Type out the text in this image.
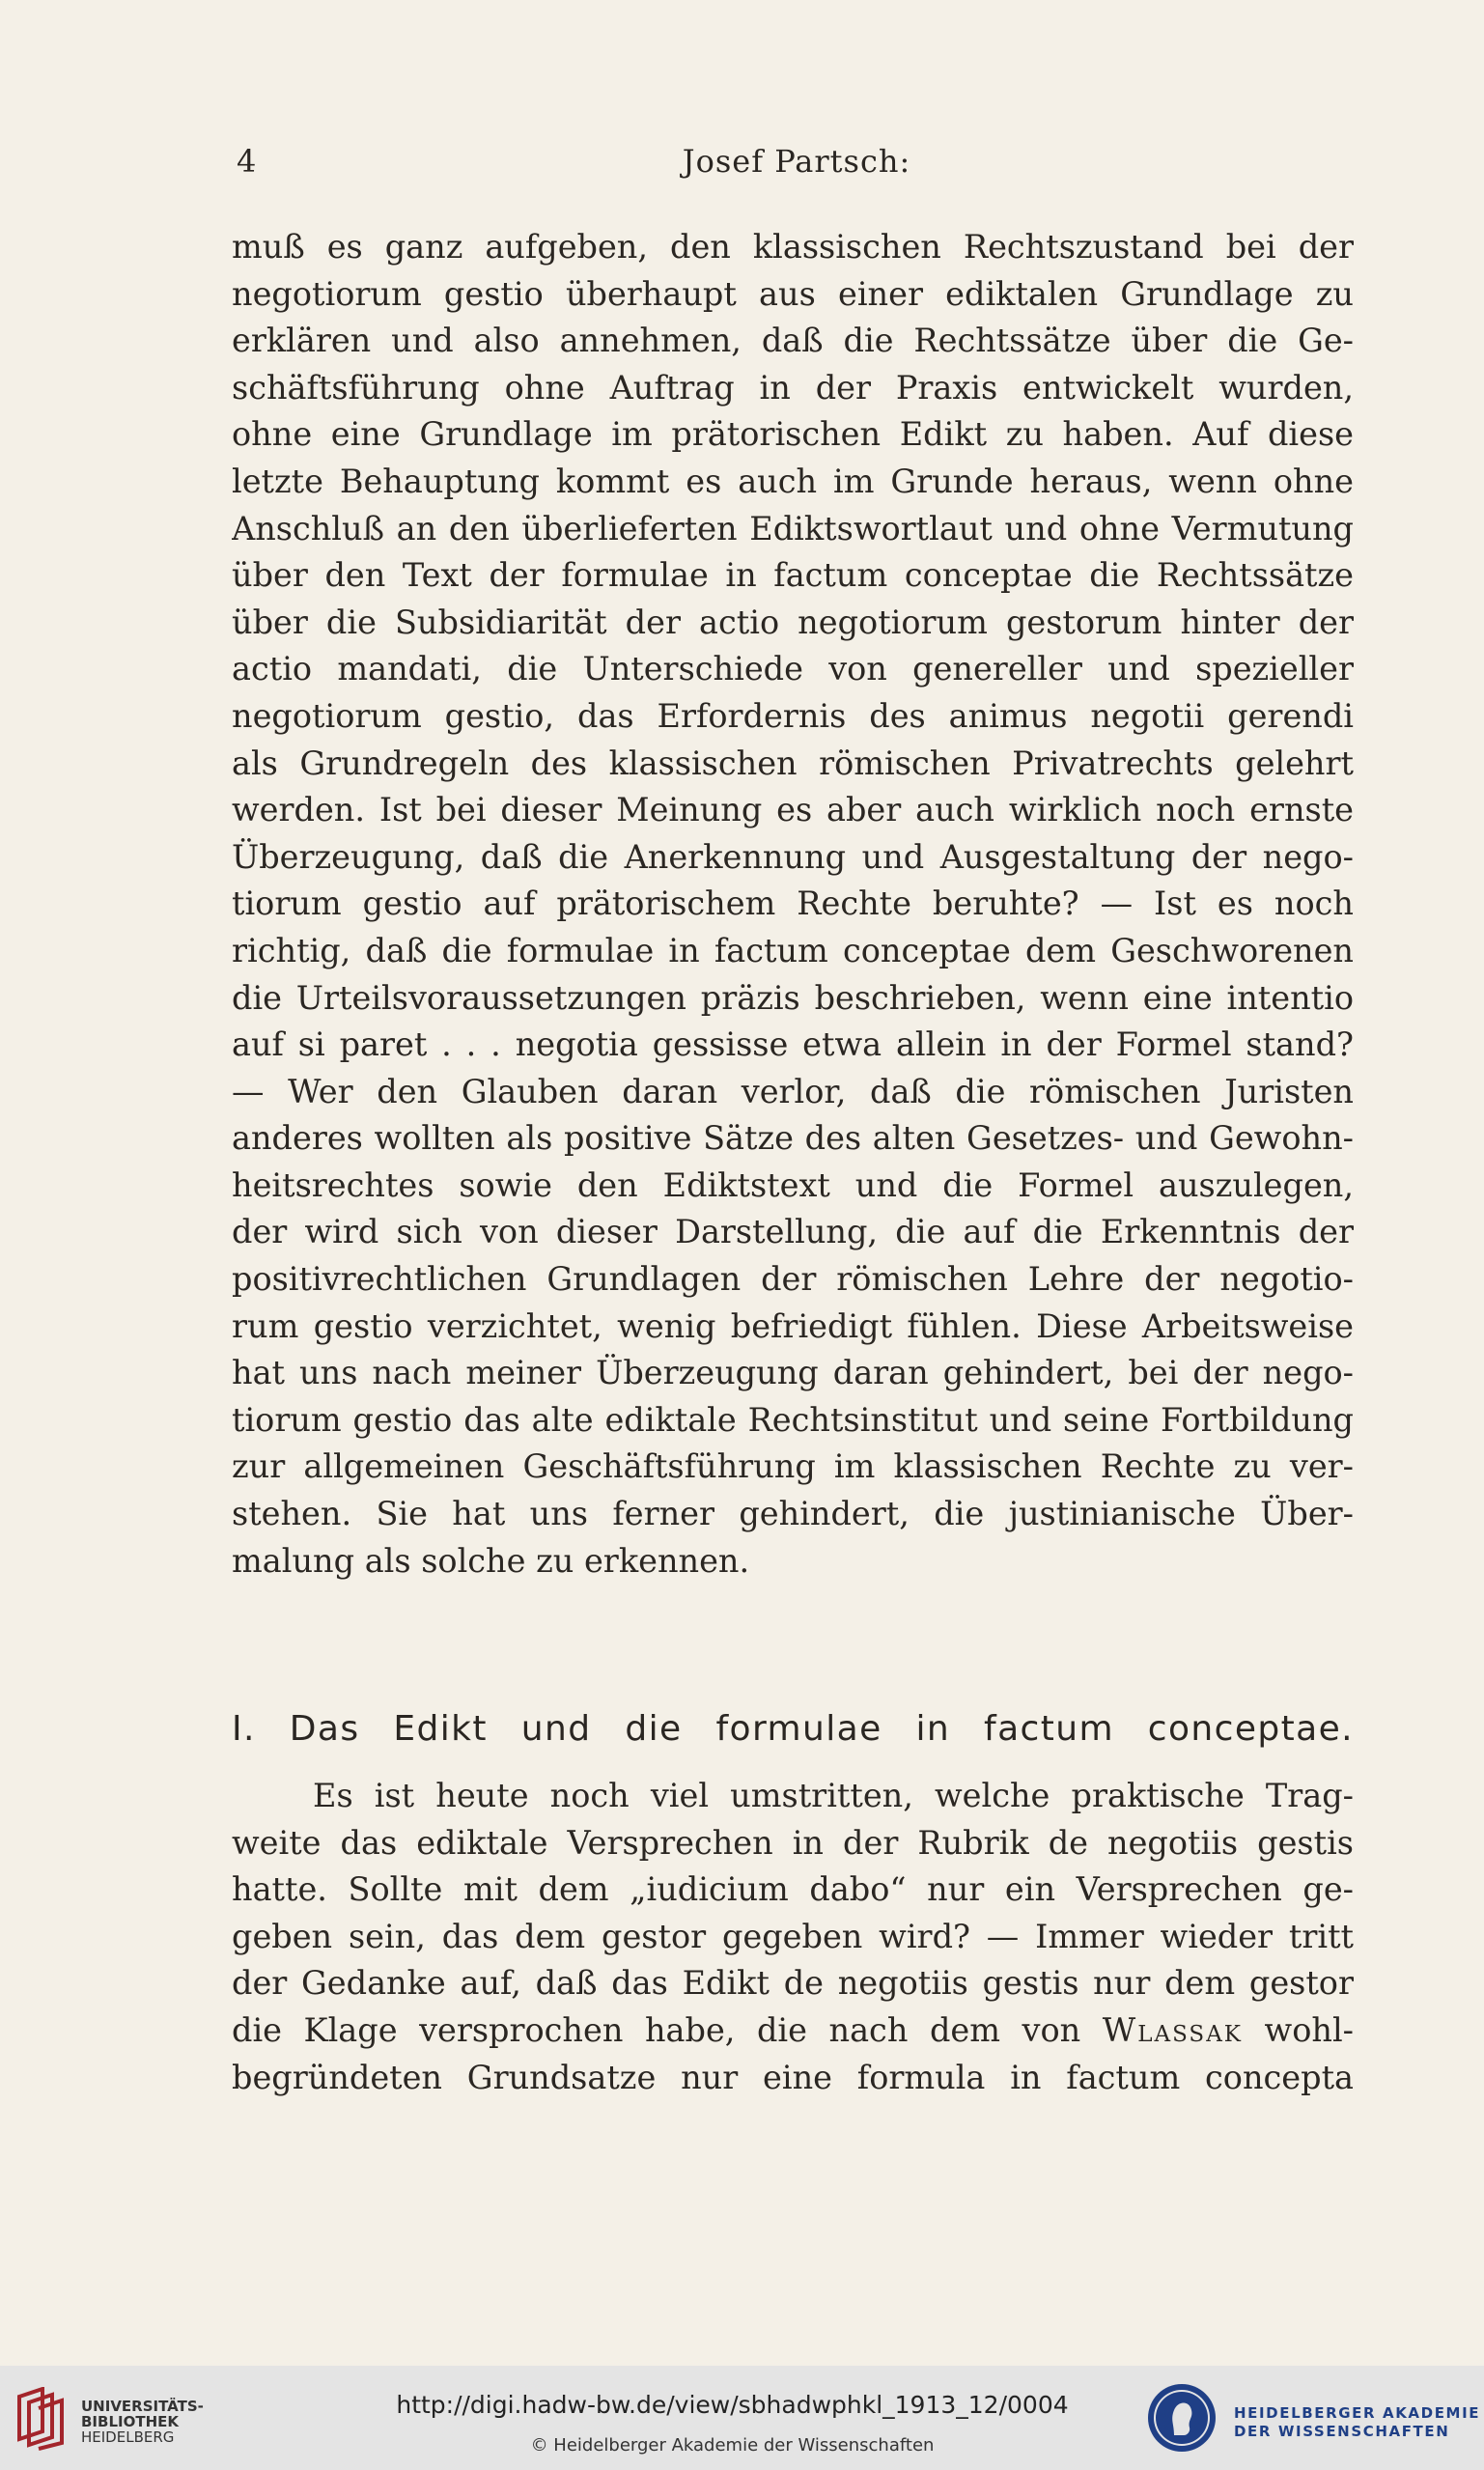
4	Josef Partsch:
muß es ganz aufgeben, den klassischen Rechtszustand bei der
negotiorum gestio überhaupt aus einer ediktalen Grundlage zu
erklären und also annehmen, daß die Rechtssätze über die Ge-
schäftsführung ohne Auftrag in der Praxis entwickelt wurden,
ohne eine Grundlage im prätorischen Edikt zu haben. Auf diese
letzte Behauptung kommt es auch im Grunde heraus, wenn ohne
Anschluß an den überlieferten Ediktswortlaut und ohne Vermutung
über den Text der formulae in factum conceptae die Rechtssätze
über die Subsidiarität der actio negotiorum gestorum hinter der
actio mandati, die Unterschiede von genereller und spezieller
negotiorum gestio, das Erfordernis des animus negotii gerendi
als Grundregeln des klassischen römischen Privatrechts gelehrt
werden. Ist bei dieser Meinung es aber auch wirklich noch ernste
Überzeugung, daß die Anerkennung und Ausgestaltung der nego-
tiorum gestio auf prätorischem Rechte beruhte? — Ist es noch
richtig, daß die formulae in factum conceptae dem Geschworenen
die Urteilsvoraussetzungen präzis beschrieben, wenn eine intentio
auf si paret . . . negotia gessisse etwa allein in der Formel stand?
— Wer den Glauben daran verlor, daß die römischen Juristen
anderes wollten als positive Sätze des alten Gesetzes- und Gewohn-
heitsrechtes sowie den Ediktstext und die Formel auszulegen,
der wird sich von dieser Darstellung, die auf die Erkenntnis der
positivrechtlichen Grundlagen der römischen Lehre der negotio-
rum gestio verzichtet, wenig befriedigt fühlen. Diese Arbeitsweise
hat uns nach meiner Überzeugung daran gehindert, bei der nego-
tiorum gestio das alte ediktale Rechtsinstitut und seine Fortbildung
zur allgemeinen Geschäftsführung im klassischen Rechte zu ver-
stehen. Sie hat uns ferner gehindert, die justinianische Über-
malung als solche zu erkennen.
I. Das Edikt und die formulae in factum conceptae.
Es ist heute noch viel umstritten, welche praktische Trag-
weite das ediktale Versprechen in der Rubrik de negotiis gestis
hatte. Sollte mit dem „iudicium dabo“ nur ein Versprechen ge-
geben sein, das dem gestor gegeben wird? — Immer wieder tritt
der Gedanke auf, daß das Edikt de negotiis gestis nur dem gestor
die Klage versprochen habe, die nach dem von Wlassak wohl-
begründeten Grundsatze nur eine formula in factum concepta
UNIVERSITÄTS-
BIBLIOTHEK
HEIDELBERG
http://digi.hadw-bw.de/view/sbhadwphkl_1913_12/0004
© Heidelberger Akademie der Wissenschaften
HEIDELBERGER AKADEMIE
DER WISSENSCHAFTEN
